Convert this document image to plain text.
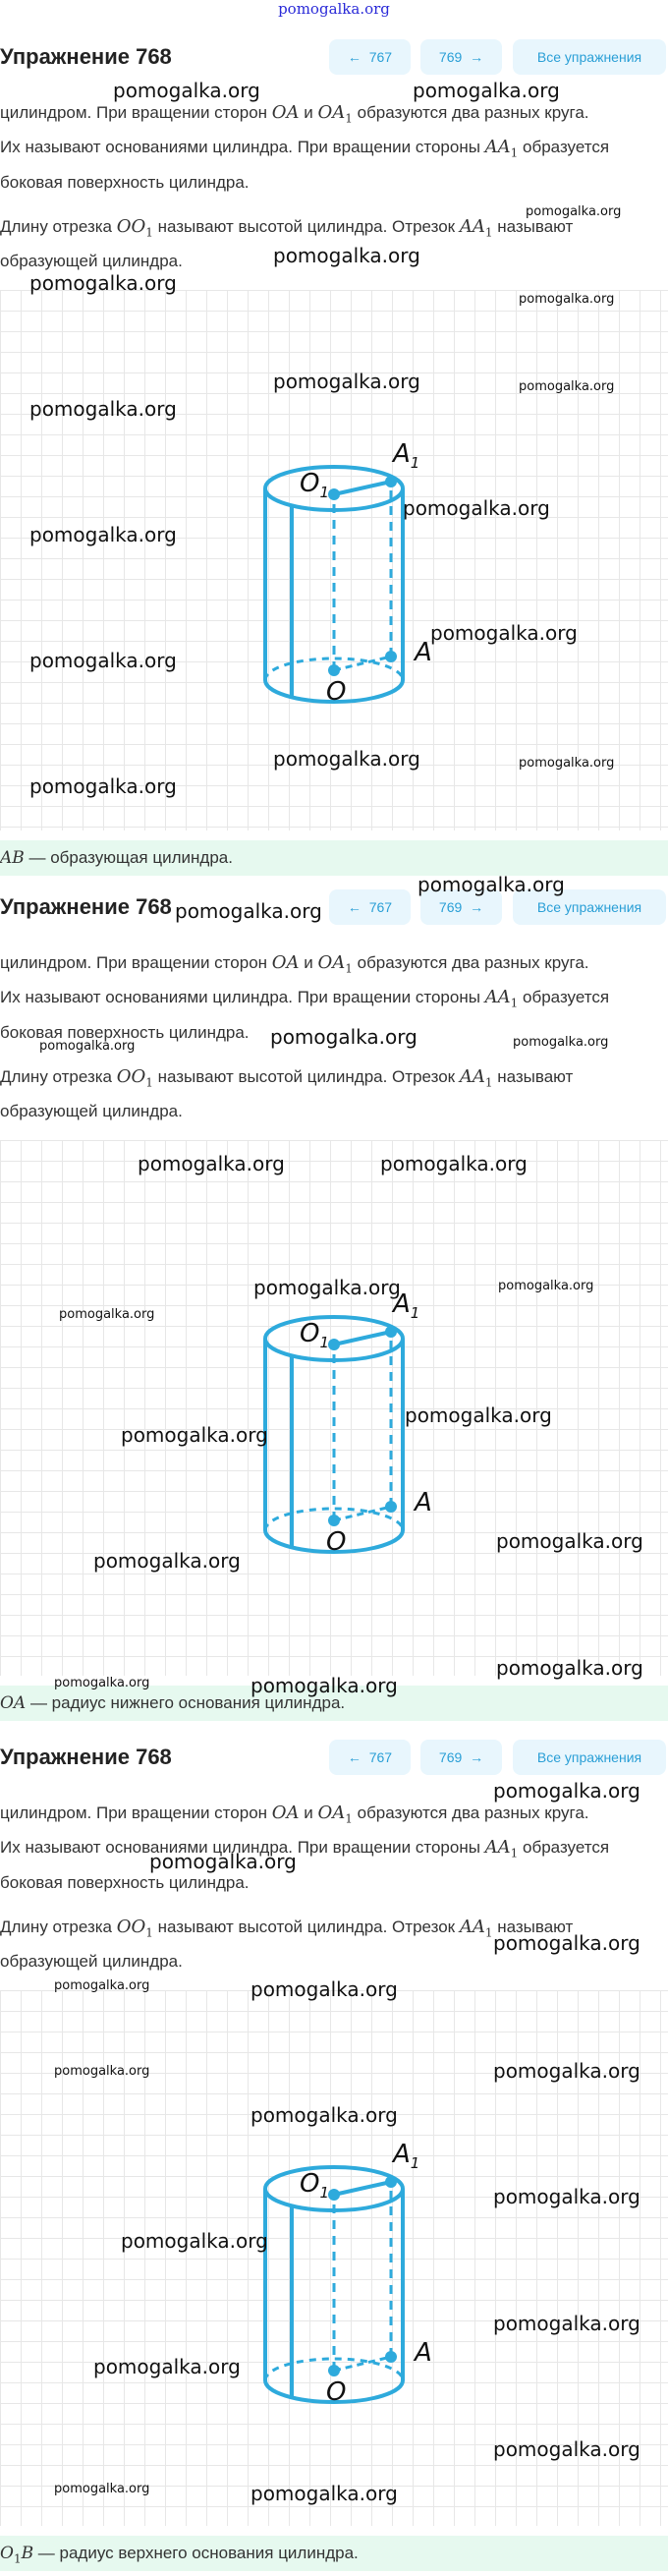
pomogalka.org
Упражнение 768	← 767	769 →	Все упражнения
цилиндром. При вращении сторон OA и $OA_1$ образуются два разных круга.
Их называют основаниями цилиндра. При вращении стороны $AA_1$ образуется
боковая поверхность цилиндра.
Длину отрезка $OO_1$ называют высотой цилиндра. Отрезок $AA_1$ называют
образующей цилиндра.
$O_1$
$A_1$
A
O
AB — образующая цилиндра.
Упражнение 768	← 767	769 →	Все упражнения
цилиндром. При вращении сторон OA и $OA_1$ образуются два разных круга.
Их называют основаниями цилиндра. При вращении стороны $AA_1$ образуется
боковая поверхность цилиндра.
Длину отрезка $OO_1$ называют высотой цилиндра. Отрезок $AA_1$ называют
образующей цилиндра.
$O_1$
$A_1$
A
O
OA — радиус нижнего основания цилиндра.
Упражнение 768	← 767	769 →	Все упражнения
цилиндром. При вращении сторон OA и $OA_1$ образуются два разных круга.
Их называют основаниями цилиндра. При вращении стороны $AA_1$ образуется
боковая поверхность цилиндра.
Длину отрезка $OO_1$ называют высотой цилиндра. Отрезок $AA_1$ называют
образующей цилиндра.
$O_1$
$A_1$
A
O
$O_1B$ — радиус верхнего основания цилиндра.
pomogalka.org	pomogalka.org
pomogalka.org
pomogalka.org
pomogalka.org
pomogalka.org
pomogalka.org	pomogalka.org
pomogalka.org
pomogalka.org
pomogalka.org
pomogalka.org
pomogalka.org
pomogalka.org	pomogalka.org
pomogalka.org
pomogalka.org
pomogalka.org
pomogalka.org	pomogalka.org
pomogalka.org
pomogalka.org	pomogalka.org
pomogalka.org	pomogalka.org
pomogalka.org
pomogalka.org
pomogalka.org
pomogalka.org
pomogalka.org
pomogalka.org
pomogalka.org	pomogalka.org
pomogalka.org
pomogalka.org
pomogalka.org
pomogalka.org	pomogalka.org
pomogalka.org	pomogalka.org
pomogalka.org
pomogalka.org
pomogalka.org
pomogalka.org
pomogalka.org
pomogalka.org
pomogalka.org	pomogalka.org
